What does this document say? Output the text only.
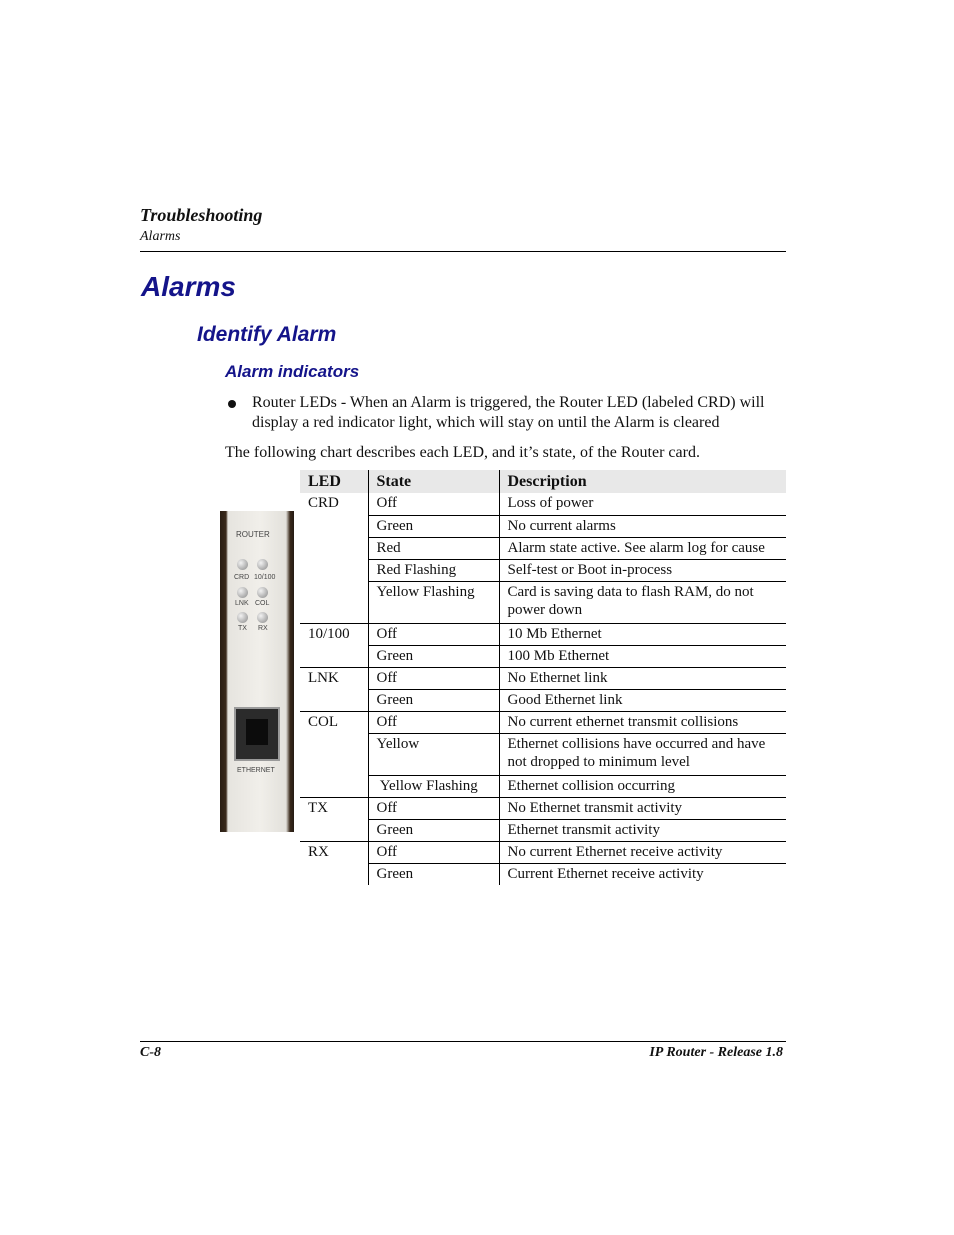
Troubleshooting
Alarms
Alarms
Identify Alarm
Alarm indicators
Router LEDs - When an Alarm is triggered, the Router LED (labeled CRD) will display a red indicator light, which will stay on until the Alarm is cleared
The following chart describes each LED, and it’s state, of the Router card.
ROUTER
CRD 10/100
LNK COL
TX RX
ETHERNET
LED	State	Description
CRD	Off	Loss of power
	Green	No current alarms
	Red	Alarm state active. See alarm log for cause
	Red Flashing	Self-test or Boot in-process
	Yellow Flashing	Card is saving data to flash RAM, do not power down
10/100	Off	10 Mb Ethernet
	Green	100 Mb Ethernet
LNK	Off	No Ethernet link
	Green	Good Ethernet link
COL	Off	No current ethernet transmit collisions
	Yellow	Ethernet collisions have occurred and have not dropped to minimum level
	Yellow Flashing	Ethernet collision occurring
TX	Off	No Ethernet transmit activity
	Green	Ethernet transmit activity
RX	Off	No current Ethernet receive activity
	Green	Current Ethernet receive activity
C-8	IP Router - Release 1.8
